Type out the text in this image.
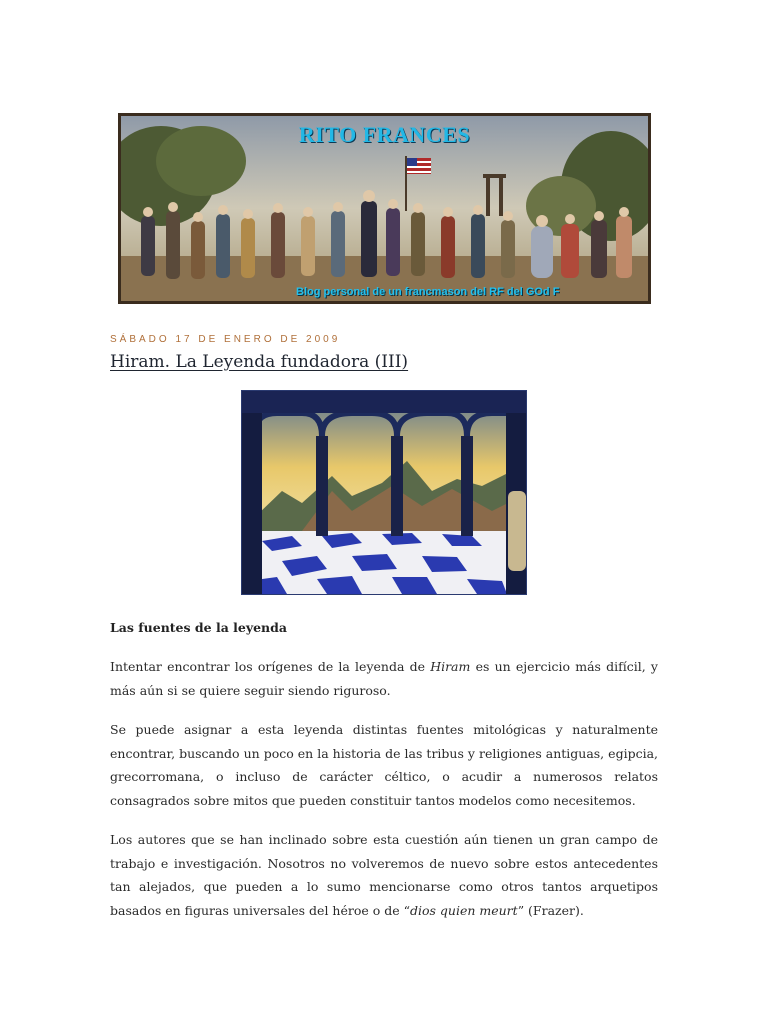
RITO FRANCES
Blog personal de un francmason del RF del GOd F
SÁBADO 17 DE ENERO DE 2009
Hiram. La Leyenda fundadora (III)
Las fuentes de la leyenda

Intentar encontrar los orígenes de la leyenda de Hiram es un ejercicio más difícil, y más aún si se quiere seguir siendo riguroso.

Se puede asignar a esta leyenda distintas fuentes mitológicas y naturalmente encontrar, buscando un poco en la historia de las tribus y religiones antiguas, egipcia, grecorromana, o incluso de carácter céltico, o acudir a numerosos relatos consagrados sobre mitos que pueden constituir tantos modelos como necesitemos.

Los autores que se han inclinado sobre esta cuestión aún tienen un gran campo de trabajo e investigación. Nosotros no volveremos de nuevo sobre estos antecedentes tan alejados, que pueden a lo sumo mencionarse como otros tantos arquetipos basados en figuras universales del héroe o de “dios quien meurt” (Frazer).
